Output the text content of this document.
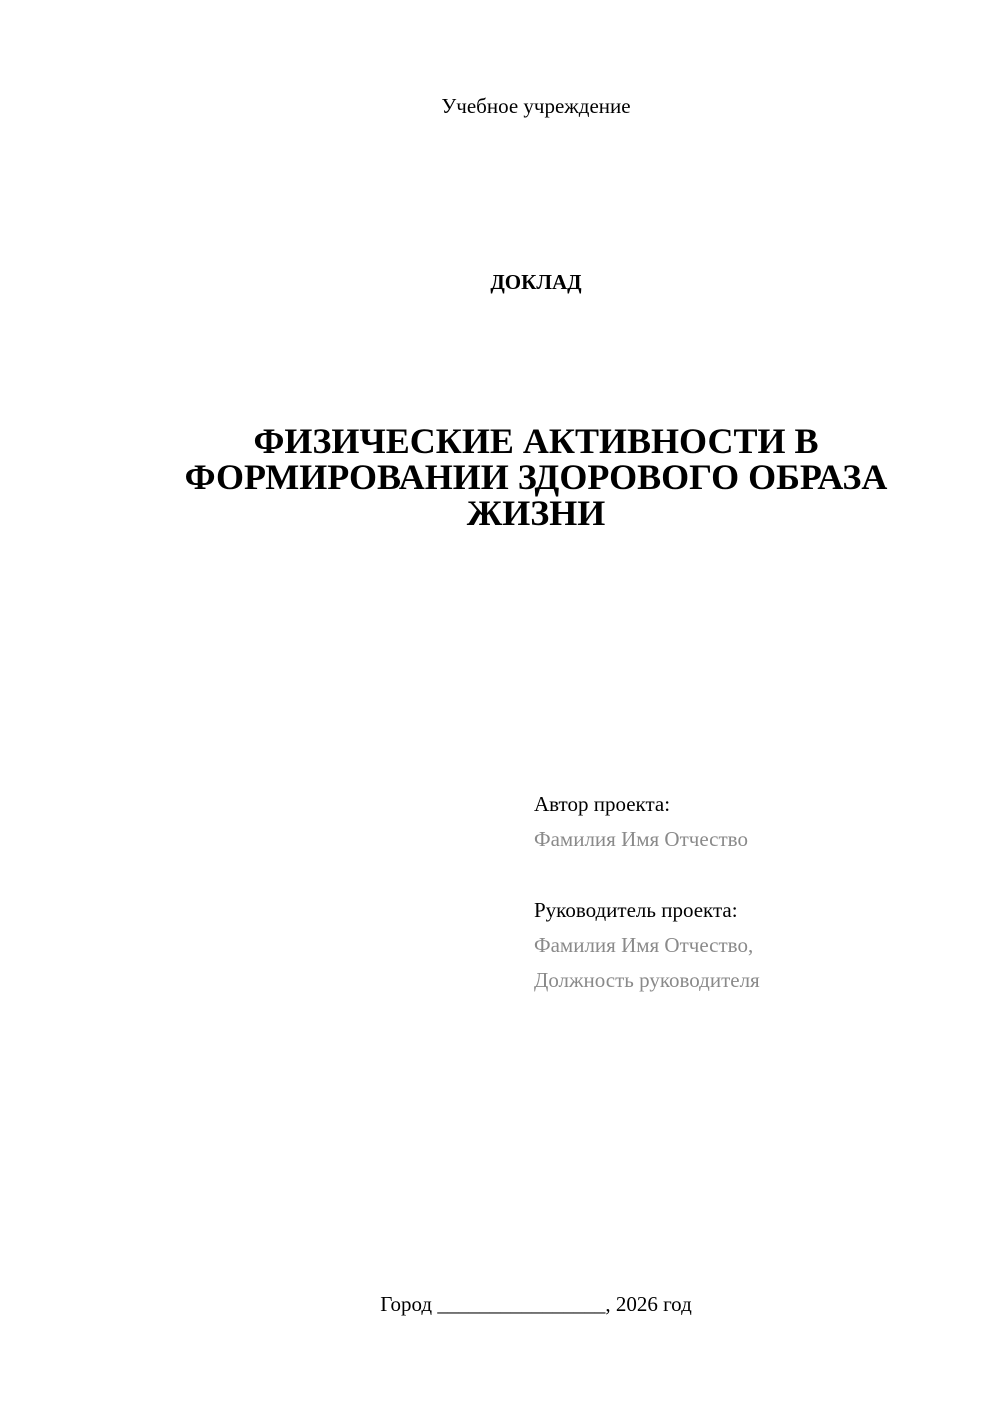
Учебное учреждение
ДОКЛАД
ФИЗИЧЕСКИЕ АКТИВНОСТИ В
ФОРМИРОВАНИИ ЗДОРОВОГО ОБРАЗА
ЖИЗНИ
Автор проекта:
Фамилия Имя Отчество
Руководитель проекта:
Фамилия Имя Отчество,
Должность руководителя
Город ________________, 2026 год
